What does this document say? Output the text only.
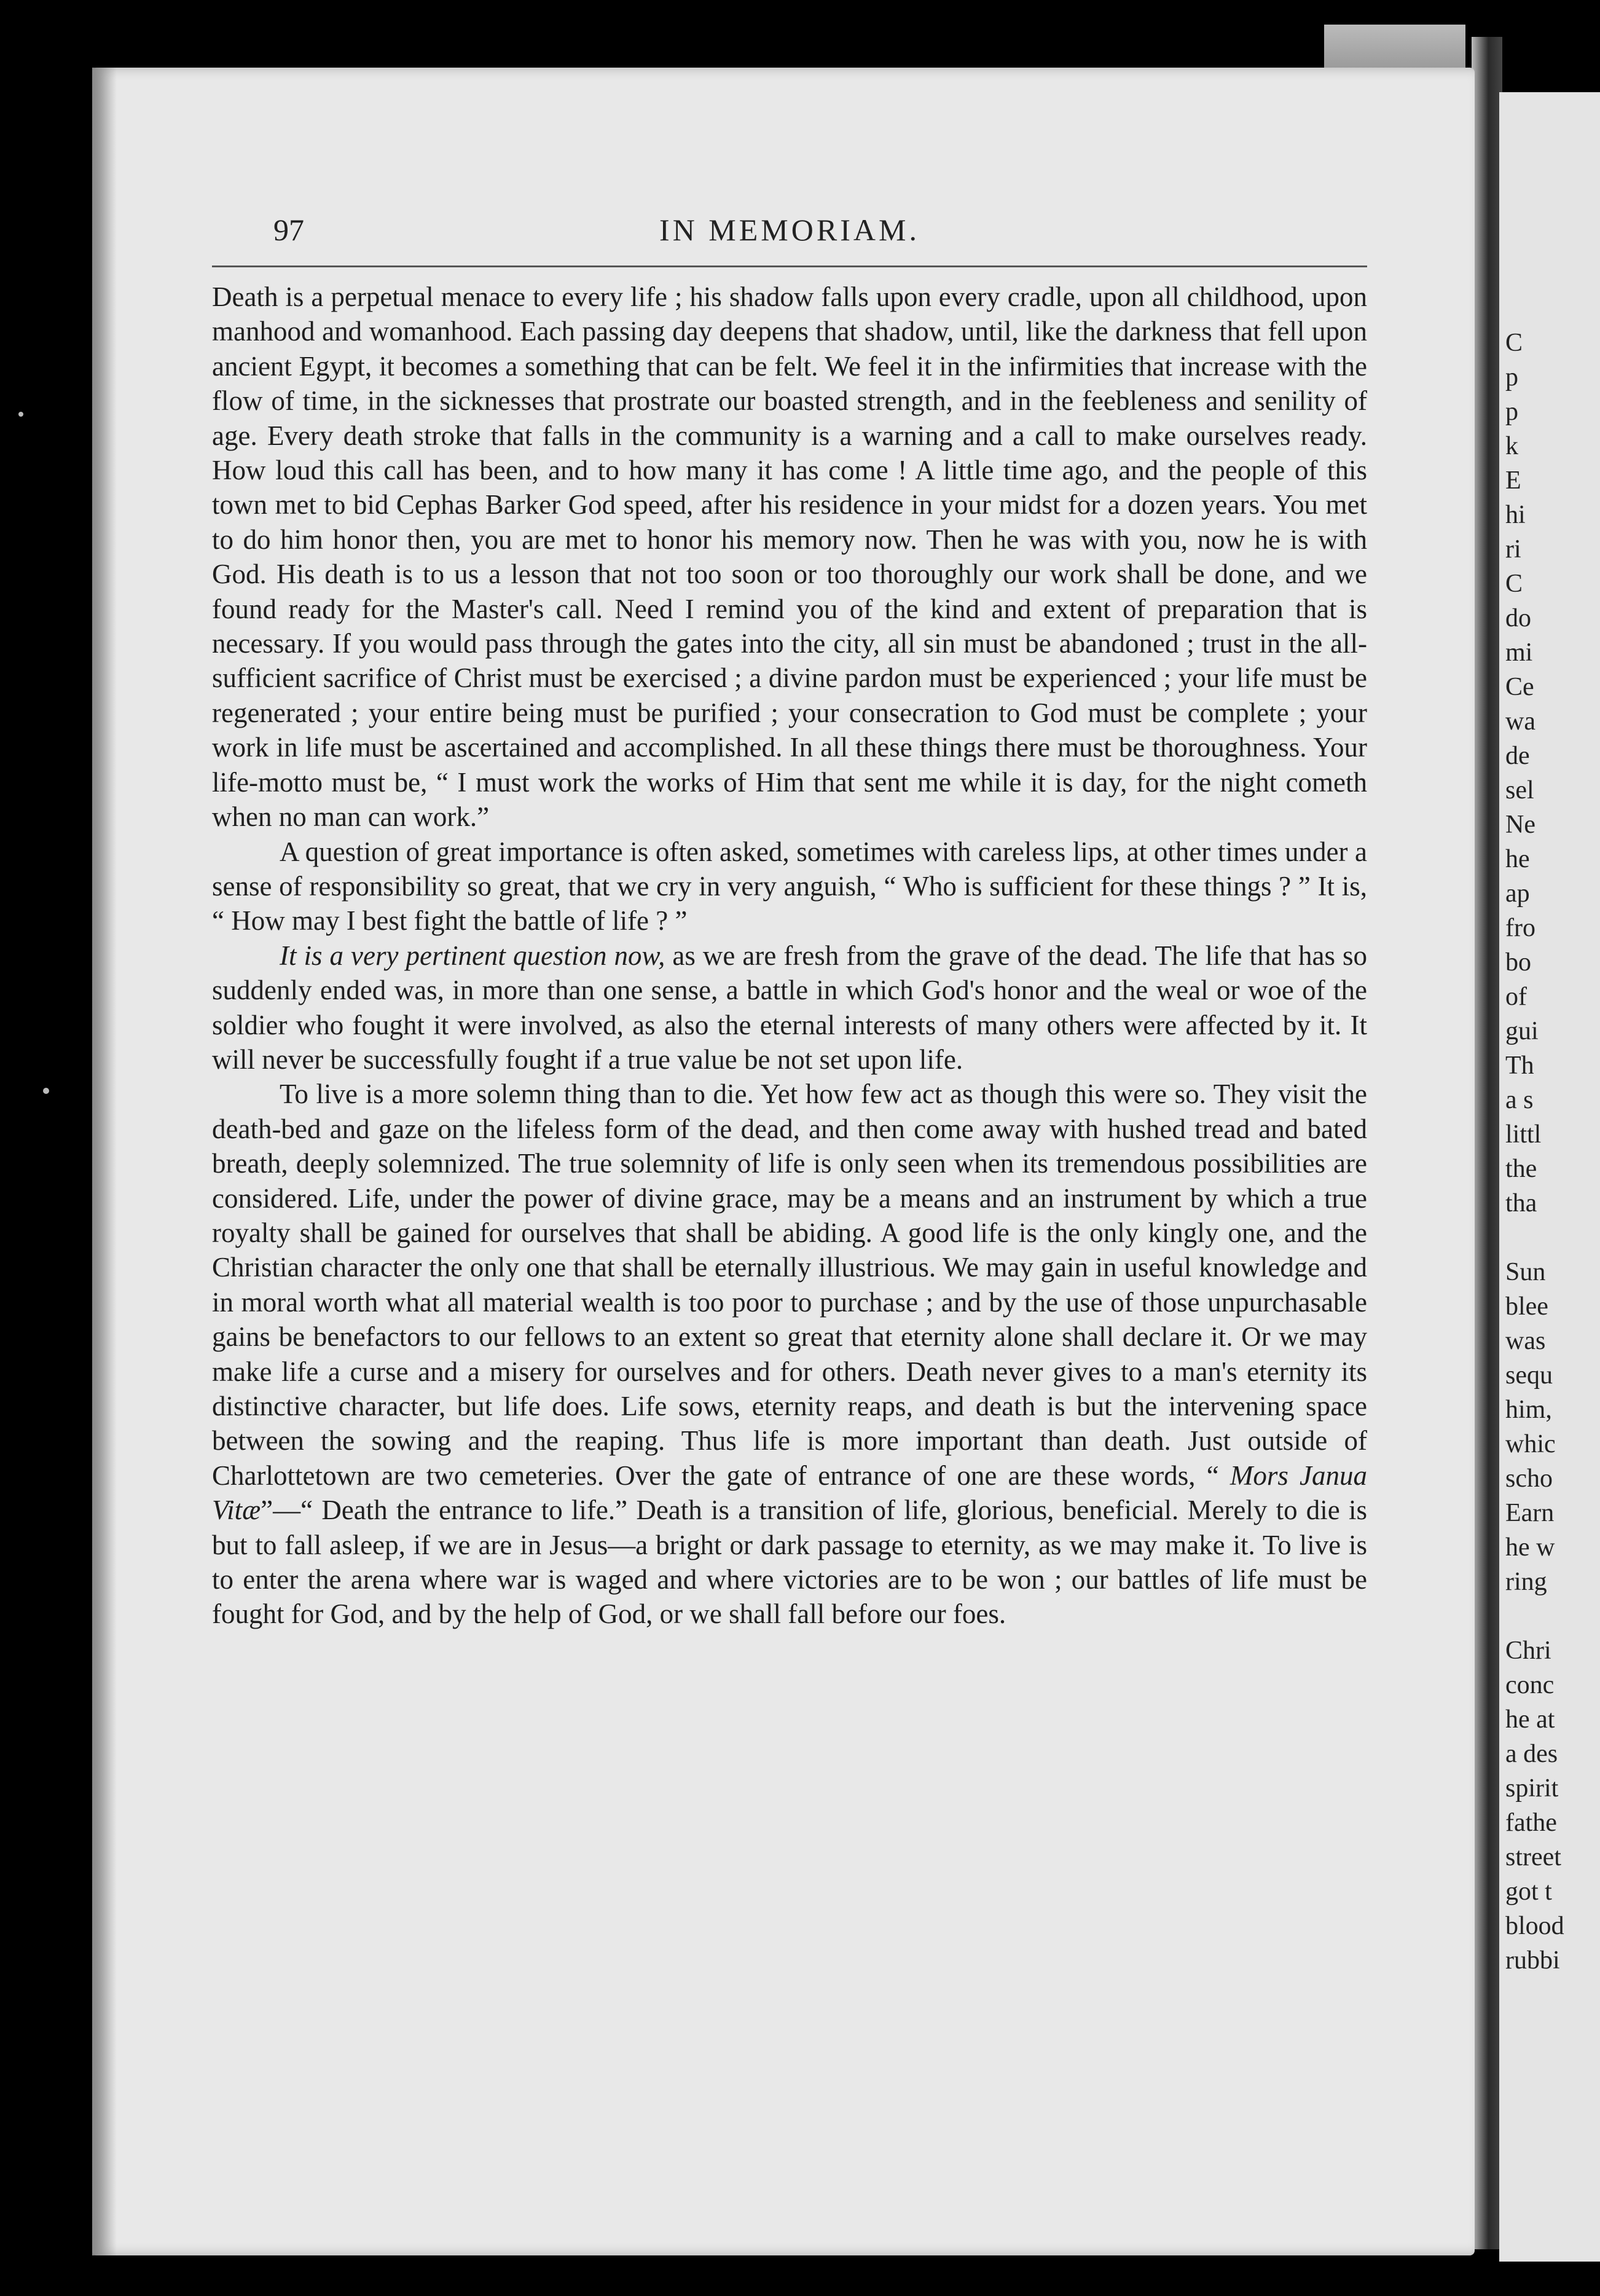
C
p
p
k
E
hi
ri
C
do
mi
Ce
wa
de
sel
Ne
he
ap
fro
bo
of
gui
Th
a s
littl
the
tha
Sun
blee
was
sequ
him,
whic
scho
Earn
he w
ring
Chri
conc
he at
a des
spirit
fathe
street
got t
blood
rubbi
97	IN MEMORIAM.

Death is a perpetual menace to every life ; his shadow falls upon every cradle, upon all childhood, upon manhood and womanhood. Each passing day deepens that shadow, until, like the darkness that fell upon ancient Egypt, it becomes a something that can be felt. We feel it in the infirmities that increase with the flow of time, in the sicknesses that prostrate our boasted strength, and in the feebleness and senility of age. Every death stroke that falls in the community is a warning and a call to make ourselves ready. How loud this call has been, and to how many it has come ! A little time ago, and the people of this town met to bid Cephas Barker God speed, after his residence in your midst for a dozen years. You met to do him honor then, you are met to honor his memory now. Then he was with you, now he is with God. His death is to us a lesson that not too soon or too thoroughly our work shall be done, and we found ready for the Master's call. Need I remind you of the kind and extent of preparation that is necessary. If you would pass through the gates into the city, all sin must be abandoned ; trust in the all-sufficient sacrifice of Christ must be exercised ; a divine pardon must be experienced ; your life must be regenerated ; your entire being must be purified ; your consecration to God must be complete ; your work in life must be ascertained and accomplished. In all these things there must be thoroughness. Your life-motto must be, “ I must work the works of Him that sent me while it is day, for the night cometh when no man can work.”

A question of great importance is often asked, sometimes with careless lips, at other times under a sense of responsibility so great, that we cry in very anguish, “ Who is sufficient for these things ? ” It is, “ How may I best fight the battle of life ? ”

It is a very pertinent question now, as we are fresh from the grave of the dead. The life that has so suddenly ended was, in more than one sense, a battle in which God's honor and the weal or woe of the soldier who fought it were involved, as also the eternal interests of many others were affected by it. It will never be successfully fought if a true value be not set upon life.

To live is a more solemn thing than to die. Yet how few act as though this were so. They visit the death-bed and gaze on the lifeless form of the dead, and then come away with hushed tread and bated breath, deeply solemnized. The true solemnity of life is only seen when its tremendous possibilities are considered. Life, under the power of divine grace, may be a means and an instrument by which a true royalty shall be gained for ourselves that shall be abiding. A good life is the only kingly one, and the Christian character the only one that shall be eternally illustrious. We may gain in useful knowledge and in moral worth what all material wealth is too poor to purchase ; and by the use of those unpurchasable gains be benefactors to our fellows to an extent so great that eternity alone shall declare it. Or we may make life a curse and a misery for ourselves and for others. Death never gives to a man's eternity its distinctive character, but life does. Life sows, eternity reaps, and death is but the intervening space between the sowing and the reaping. Thus life is more important than death. Just outside of Charlottetown are two cemeteries. Over the gate of entrance of one are these words, “ Mors Janua Vitæ”—“ Death the entrance to life.” Death is a transition of life, glorious, beneficial. Merely to die is but to fall asleep, if we are in Jesus—a bright or dark passage to eternity, as we may make it. To live is to enter the arena where war is waged and where victories are to be won ; our battles of life must be fought for God, and by the help of God, or we shall fall before our foes.
